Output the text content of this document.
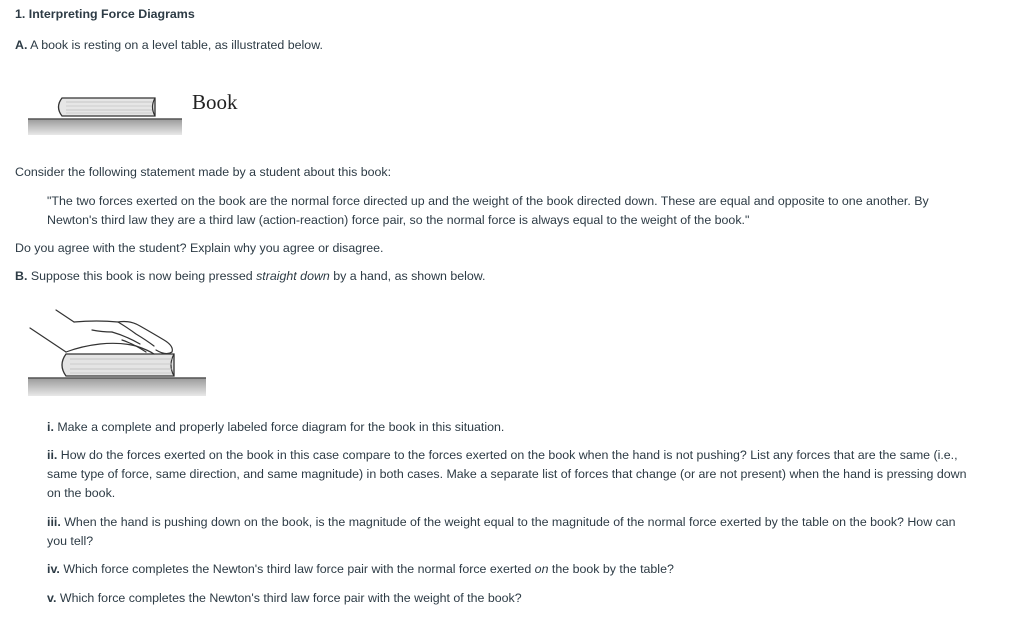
1. Interpreting Force Diagrams
A. A book is resting on a level table, as illustrated below.
Book
Consider the following statement made by a student about this book:
"The two forces exerted on the book are the normal force directed up and the weight of the book directed down. These are equal and opposite to one another. By Newton's third law they are a third law (action-reaction) force pair, so the normal force is always equal to the weight of the book."
Do you agree with the student? Explain why you agree or disagree.
B. Suppose this book is now being pressed straight down by a hand, as shown below.
i. Make a complete and properly labeled force diagram for the book in this situation.
ii. How do the forces exerted on the book in this case compare to the forces exerted on the book when the hand is not pushing? List any forces that are the same (i.e., same type of force, same direction, and same magnitude) in both cases. Make a separate list of forces that change (or are not present) when the hand is pressing down on the book.
iii. When the hand is pushing down on the book, is the magnitude of the weight equal to the magnitude of the normal force exerted by the table on the book? How can you tell?
iv. Which force completes the Newton's third law force pair with the normal force exerted on the book by the table?
v. Which force completes the Newton's third law force pair with the weight of the book?
